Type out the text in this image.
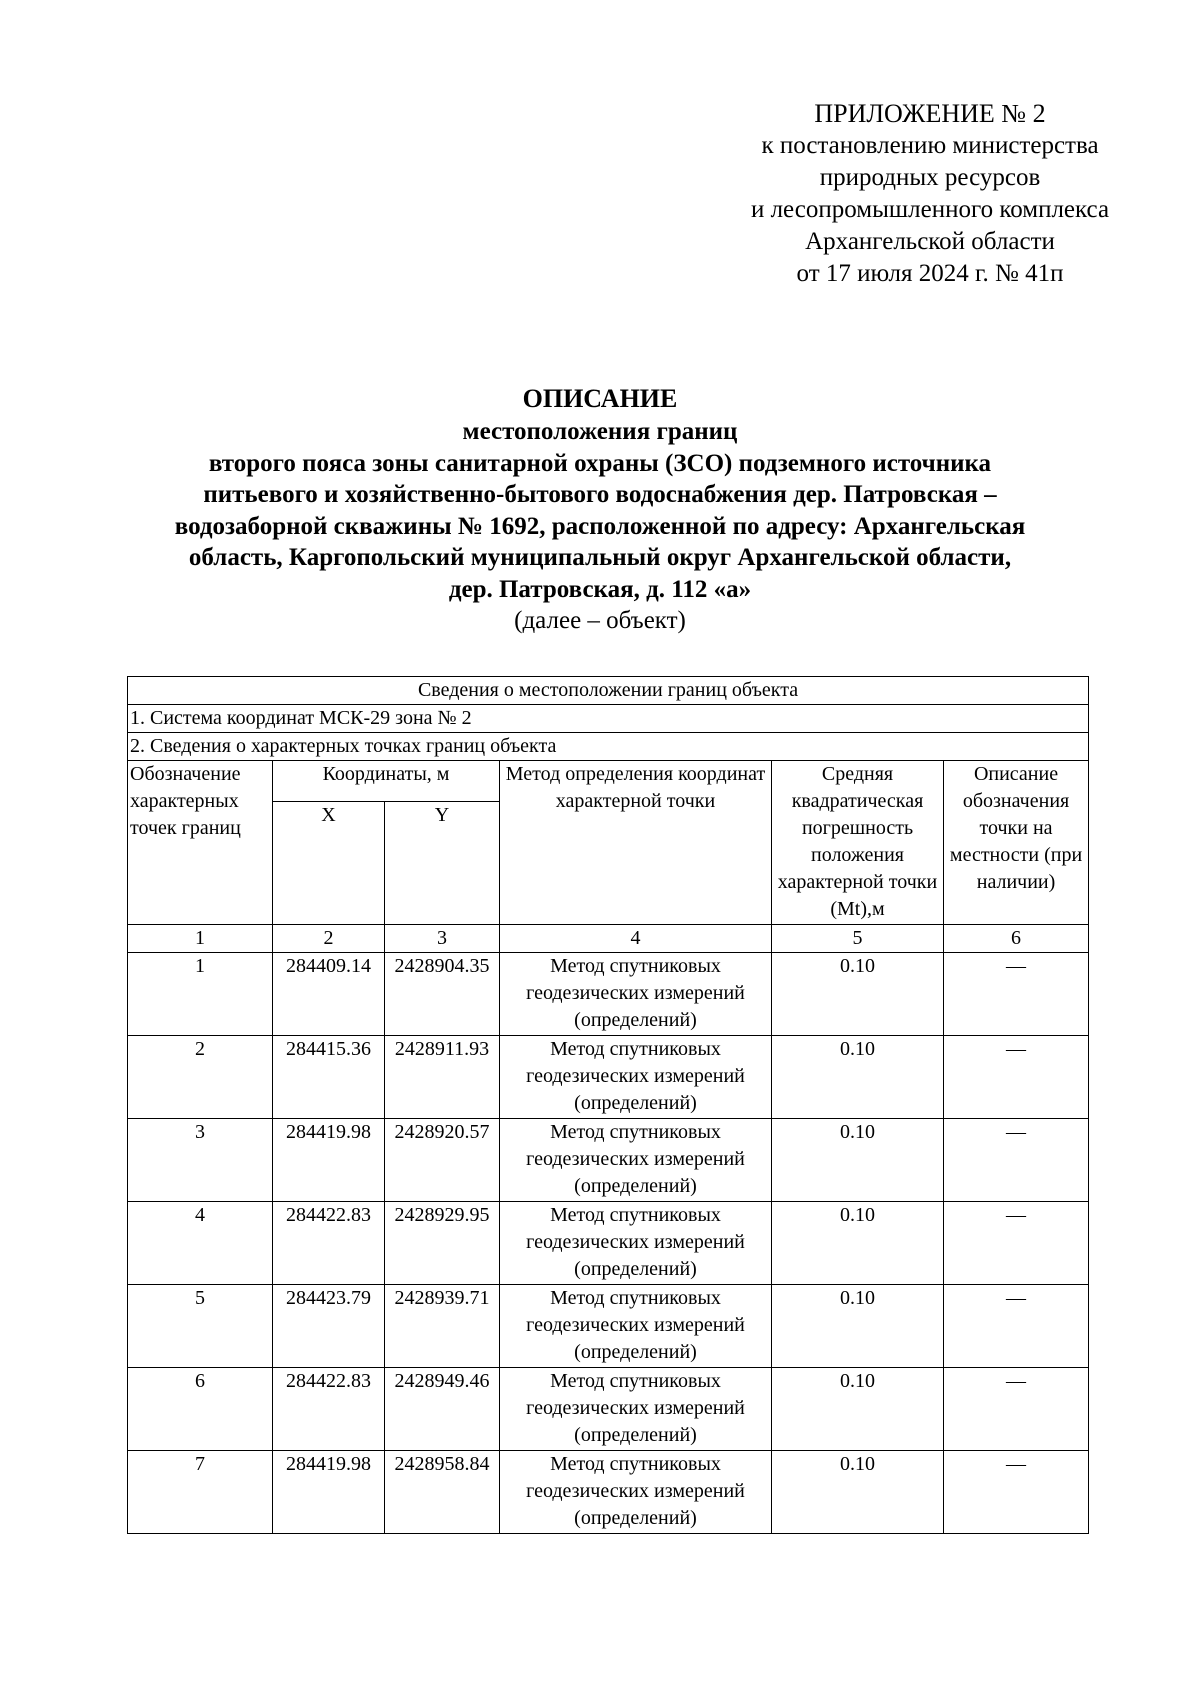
ПРИЛОЖЕНИЕ № 2
к постановлению министерства
природных ресурсов
и лесопромышленного комплекса
Архангельской области
от 17 июля 2024 г. № 41п
ОПИСАНИЕ
местоположения границ
второго пояса зоны санитарной охраны (ЗСО) подземного источника
питьевого и хозяйственно-бытового водоснабжения дер. Патровская –
водозаборной скважины № 1692, расположенной по адресу: Архангельская
область, Каргопольский муниципальный округ Архангельской области,
дер. Патровская, д. 112 «а»
(далее – объект)
Сведения о местоположении границ объекта					
1. Система координат МСК-29 зона № 2					
2. Сведения о характерных точках границ объекта					
Обозначение характерных точек границ	Координаты, м		Метод определения координат характерной точки	Средняя квадратическая погрешность положения характерной точки (Mt),м	Описание обозначения точки на местности (при наличии)
	X	Y			
1	2	3	4	5	6
1	284409.14	2428904.35	Метод спутниковых геодезических измерений (определений)	0.10	—
2	284415.36	2428911.93	Метод спутниковых геодезических измерений (определений)	0.10	—
3	284419.98	2428920.57	Метод спутниковых геодезических измерений (определений)	0.10	—
4	284422.83	2428929.95	Метод спутниковых геодезических измерений (определений)	0.10	—
5	284423.79	2428939.71	Метод спутниковых геодезических измерений (определений)	0.10	—
6	284422.83	2428949.46	Метод спутниковых геодезических измерений (определений)	0.10	—
7	284419.98	2428958.84	Метод спутниковых геодезических измерений (определений)	0.10	—
